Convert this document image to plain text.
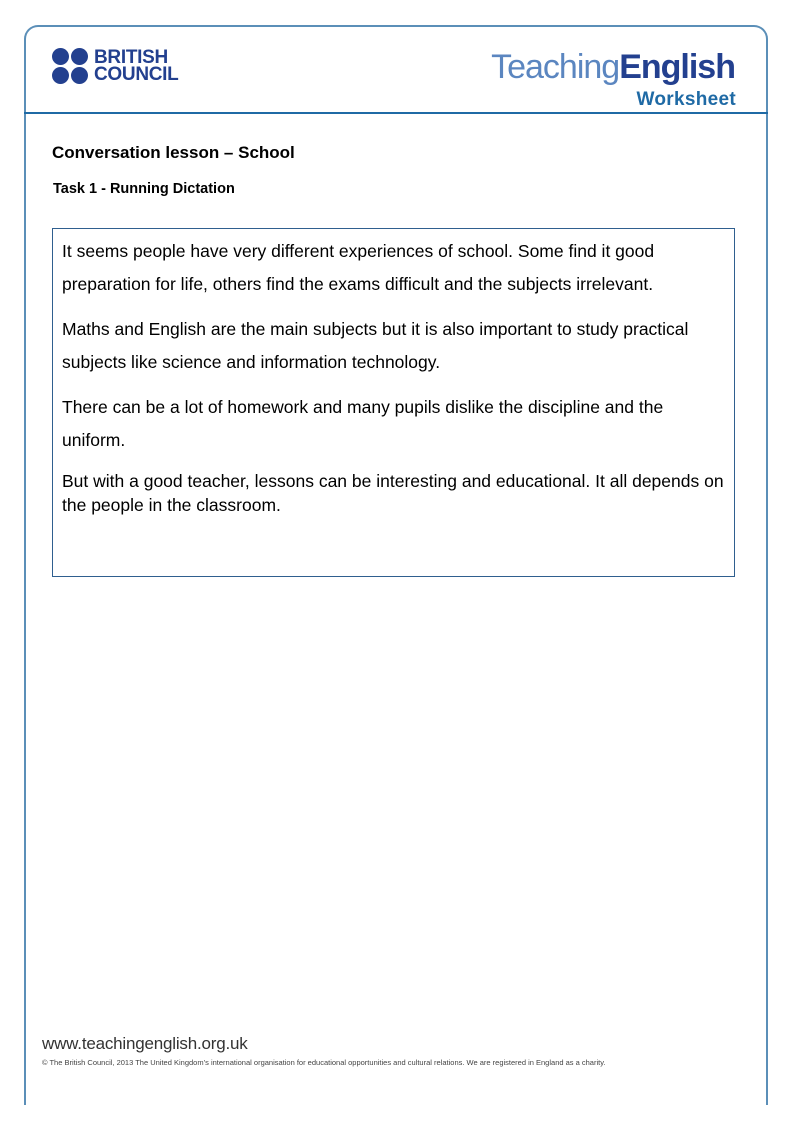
BRITISH
COUNCIL	TeachingEnglish
Worksheet
Conversation lesson – School
Task 1 - Running Dictation

It seems people have very different experiences of school. Some find it good preparation for life, others find the exams difficult and the subjects irrelevant.

Maths and English are the main subjects but it is also important to study practical subjects like science and information technology.

There can be a lot of homework and many pupils dislike the discipline and the uniform.

But with a good teacher, lessons can be interesting and educational. It all depends on the people in the classroom.

www.teachingenglish.org.uk
© The British Council, 2013 The United Kingdom’s international organisation for educational opportunities and cultural relations. We are registered in England as a charity.
